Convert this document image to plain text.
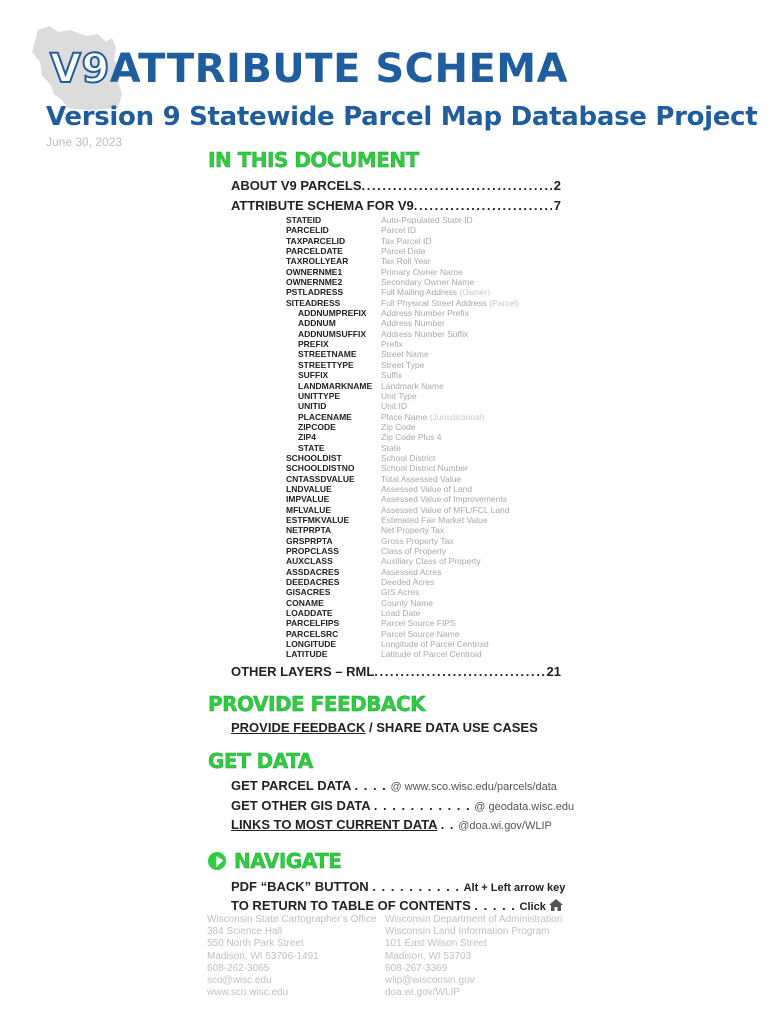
V9ATTRIBUTE SCHEMA
Version 9 Statewide Parcel Map Database Project
June 30, 2023
IN THIS DOCUMENT
ABOUT V9 PARCELS . . .	2
ATTRIBUTE SCHEMA FOR V9 . . .	7
STATEID	Auto-Populated State ID
PARCELID	Parcel ID
TAXPARCELID	Tax Parcel ID
PARCELDATE	Parcel Date
TAXROLLYEAR	Tax Roll Year
OWNERNME1	Primary Owner Name
OWNERNME2	Secondary Owner Name
PSTLADRESS	Full Mailing Address (Owner)
SITEADRESS	Full Physical Street Address (Parcel)
ADDNUMPREFIX	Address Number Prefix
ADDNUM	Address Number
ADDNUMSUFFIX	Address Number Suffix
PREFIX	Prefix
STREETNAME	Street Name
STREETTYPE	Street Type
SUFFIX	Suffix
LANDMARKNAME	Landmark Name
UNITTYPE	Unit Type
UNITID	Unit ID
PLACENAME	Place Name (Jurisdictional)
ZIPCODE	Zip Code
ZIP4	Zip Code Plus 4
STATE	State
SCHOOLDIST	School District
SCHOOLDISTNO	School District Number
CNTASSDVALUE	Total Assessed Value
LNDVALUE	Assessed Value of Land
IMPVALUE	Assessed Value of Improvements
MFLVALUE	Assessed Value of MFL/FCL Land
ESTFMKVALUE	Estimated Fair Market Value
NETPRPTA	Net Property Tax
GRSPRPTA	Gross Property Tax
PROPCLASS	Class of Property
AUXCLASS	Auxiliary Class of Property
ASSDACRES	Assessed Acres
DEEDACRES	Deeded Acres
GISACRES	GIS Acres
CONAME	County Name
LOADDATE	Load Date
PARCELFIPS	Parcel Source FIPS
PARCELSRC	Parcel Source Name
LONGITUDE	Longitude of Parcel Centroid
LATITUDE	Latitude of Parcel Centroid
OTHER LAYERS – RML . . .	21
PROVIDE FEEDBACK
PROVIDE FEEDBACK / SHARE DATA USE CASES
GET DATA
GET PARCEL DATA . . . . @ www.sco.wisc.edu/parcels/data
GET OTHER GIS DATA . . . . . . . . . . . @ geodata.wisc.edu
LINKS TO MOST CURRENT DATA . . @doa.wi.gov/WLIP
NAVIGATE
PDF “BACK” BUTTON . . . . . . . . . . Alt + Left arrow key
TO RETURN TO TABLE OF CONTENTS . . . . . Click
Wisconsin State Cartographer’s Office
384 Science Hall
550 North Park Street
Madison, WI 53706-1491
608-262-3065
sco@wisc.edu
www.sco.wisc.edu
Wisconsin Department of Administration
Wisconsin Land Information Program
101 East Wilson Street
Madison, WI 53703
608-267-3369
wlip@wisconsin.gov
doa.wi.gov/WLIP
